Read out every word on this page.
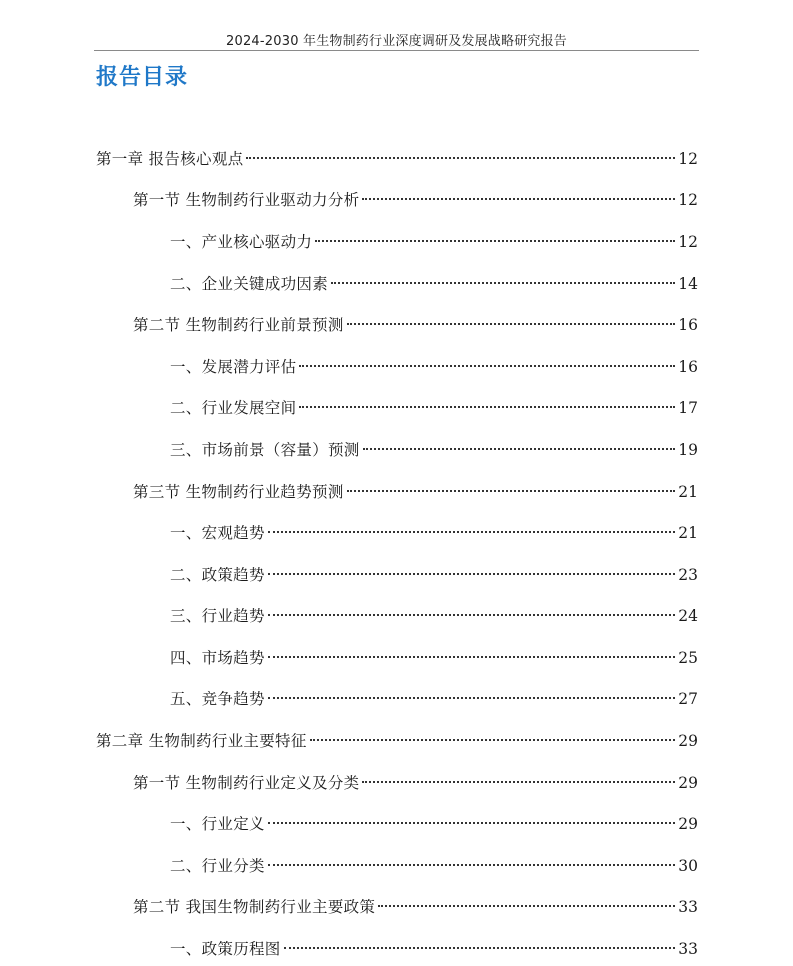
2024-2030 年生物制药行业深度调研及发展战略研究报告
报告目录
第一章 报告核心观点	12
第一节 生物制药行业驱动力分析	12
一、产业核心驱动力	12
二、企业关键成功因素	14
第二节 生物制药行业前景预测	16
一、发展潜力评估	16
二、行业发展空间	17
三、市场前景（容量）预测	19
第三节 生物制药行业趋势预测	21
一、宏观趋势	21
二、政策趋势	23
三、行业趋势	24
四、市场趋势	25
五、竞争趋势	27
第二章 生物制药行业主要特征	29
第一节 生物制药行业定义及分类	29
一、行业定义	29
二、行业分类	30
第二节 我国生物制药行业主要政策	33
一、政策历程图	33
